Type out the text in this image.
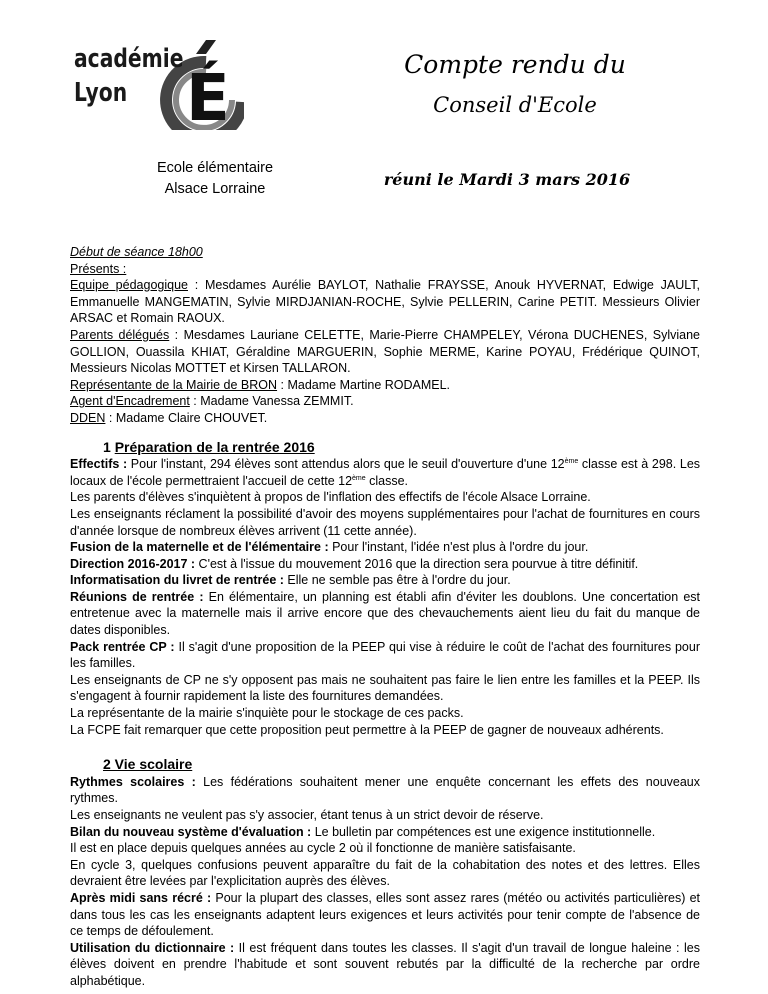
É
académie
Lyon
Compte rendu du
Conseil d'Ecole
Ecole élémentaire
Alsace Lorraine	réuni le Mardi 3 mars 2016

Début de séance 18h00

Présents :

Equipe pédagogique : Mesdames Aurélie BAYLOT, Nathalie FRAYSSE, Anouk HYVERNAT, Edwige JAULT, Emmanuelle MANGEMATIN, Sylvie MIRDJANIAN-ROCHE, Sylvie PELLERIN, Carine PETIT. Messieurs Olivier ARSAC et Romain RAOUX.

Parents délégués : Mesdames Lauriane CELETTE, Marie-Pierre CHAMPELEY, Vérona DUCHENES, Sylviane GOLLION, Ouassila KHIAT, Géraldine MARGUERIN, Sophie MERME, Karine POYAU, Frédérique QUINOT, Messieurs Nicolas MOTTET et Kirsen TALLARON.

Représentante de la Mairie de BRON : Madame Martine RODAMEL.

Agent d'Encadrement : Madame Vanessa ZEMMIT.

DDEN : Madame Claire CHOUVET.

1 Préparation de la rentrée 2016

Effectifs : Pour l'instant, 294 élèves sont attendus alors que le seuil d'ouverture d'une 12ème classe est à 298. Les locaux de l'école permettraient l'accueil de cette 12ème classe.

Les parents d'élèves s'inquiètent à propos de l'inflation des effectifs de l'école Alsace Lorraine.

Les enseignants réclament la possibilité d'avoir des moyens supplémentaires pour l'achat de fournitures en cours d'année lorsque de nombreux élèves arrivent (11 cette année).

Fusion de la maternelle et de l'élémentaire : Pour l'instant, l'idée n'est plus à l'ordre du jour.

Direction 2016-2017 : C'est à l'issue du mouvement 2016 que la direction sera pourvue à titre définitif.

Informatisation du livret de rentrée : Elle ne semble pas être à l'ordre du jour.

Réunions de rentrée : En élémentaire, un planning est établi afin d'éviter les doublons. Une concertation est entretenue avec la maternelle mais il arrive encore que des chevauchements aient lieu du fait du manque de dates disponibles.

Pack rentrée CP : Il s'agit d'une proposition de la PEEP qui vise à réduire le coût de l'achat des fournitures pour les familles.

Les enseignants de CP ne s'y opposent pas mais ne souhaitent pas faire le lien entre les familles et la PEEP. Ils s'engagent à fournir rapidement la liste des fournitures demandées.

La représentante de la mairie s'inquiète pour le stockage de ces packs.

La FCPE fait remarquer que cette proposition peut permettre à la PEEP de gagner de nouveaux adhérents.

2 Vie scolaire

Rythmes scolaires : Les fédérations souhaitent mener une enquête concernant les effets des nouveaux rythmes.

Les enseignants ne veulent pas s'y associer, étant tenus à un strict devoir de réserve.

Bilan du nouveau système d'évaluation : Le bulletin par compétences est une exigence institutionnelle.

Il est en place depuis quelques années au cycle 2 où il fonctionne de manière satisfaisante.

En cycle 3, quelques confusions peuvent apparaître du fait de la cohabitation des notes et des lettres. Elles devraient être levées par l'explicitation auprès des élèves.

Après midi sans récré : Pour la plupart des classes, elles sont assez rares (météo ou activités particulières) et dans tous les cas les enseignants adaptent leurs exigences et leurs activités pour tenir compte de l'absence de ce temps de défoulement.

Utilisation du dictionnaire : Il est fréquent dans toutes les classes. Il s'agit d'un travail de longue haleine : les élèves doivent en prendre l'habitude et sont souvent rebutés par la difficulté de la recherche par ordre alphabétique.
